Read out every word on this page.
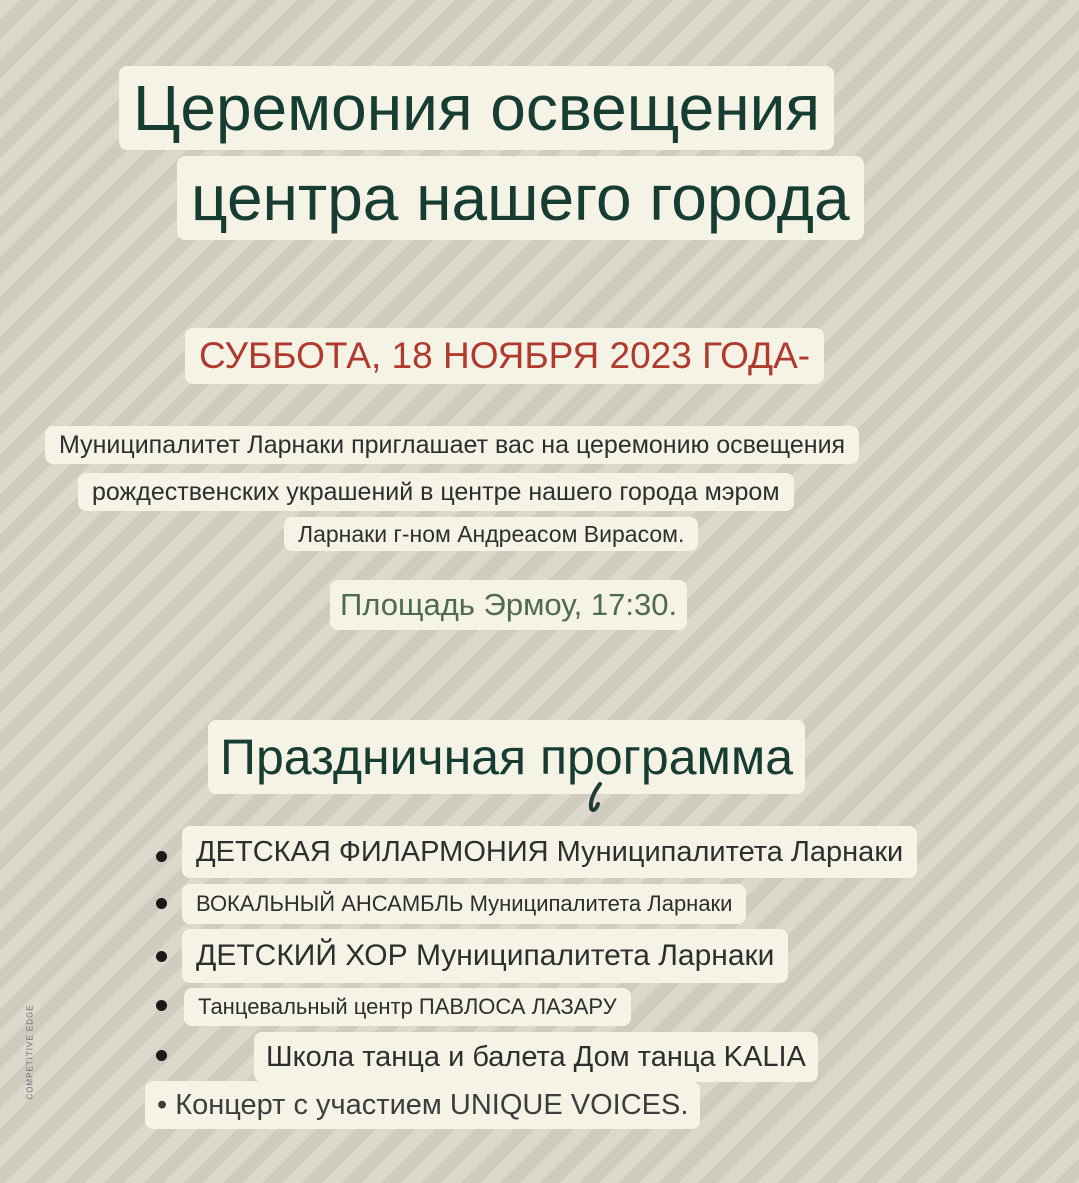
Церемония освещения
центра нашего города
СУББОТА, 18 НОЯБРЯ 2023 ГОДА-
Муниципалитет Ларнаки приглашает вас на церемонию освещения
рождественских украшений в центре нашего города мэром
Ларнаки г-ном Андреасом Вирасом.
Площадь Эрмоу, 17:30.
Праздничная программа
ДЕТСКАЯ ФИЛАРМОНИЯ Муниципалитета Ларнаки
ВОКАЛЬНЫЙ АНСАМБЛЬ Муниципалитета Ларнаки
ДЕТСКИЙ ХОР Муниципалитета Ларнаки
Танцевальный центр ПАВЛОСА ЛАЗАРУ
Школа танца и балета Дом танца KALIA
• Концерт с участием UNIQUE VOICES.
COMPETITIVE EDGE
